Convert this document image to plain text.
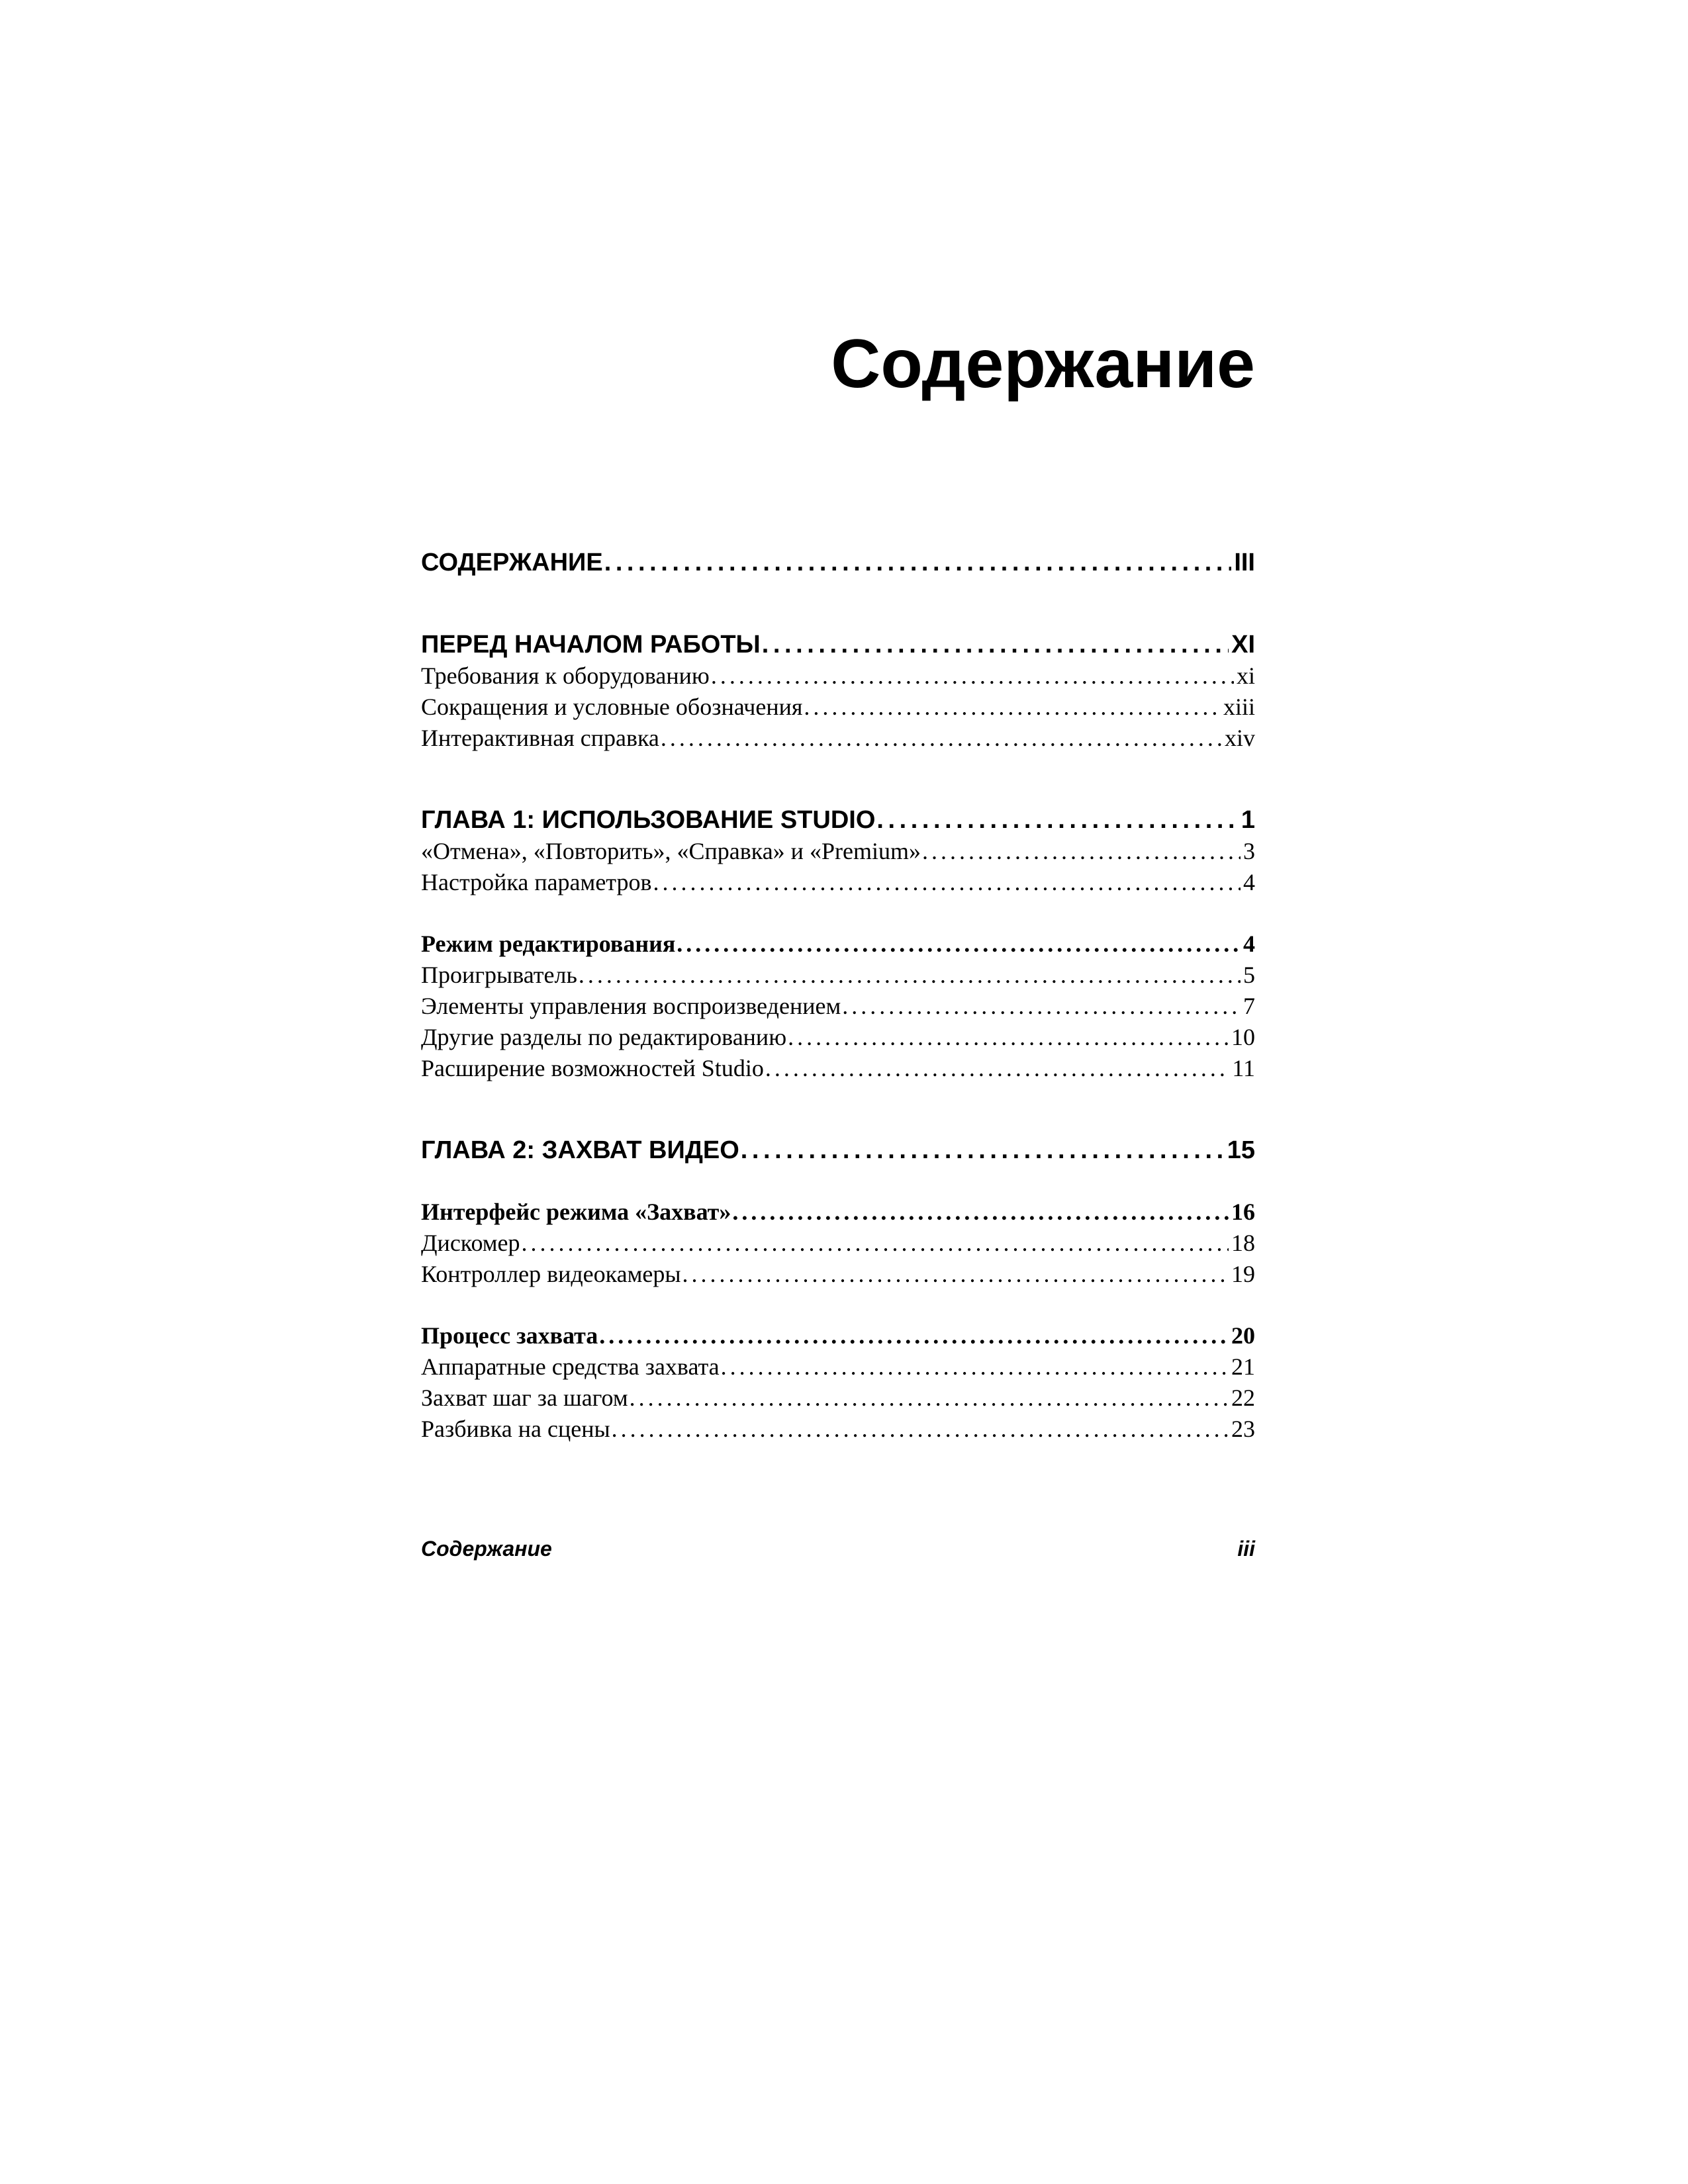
Содержание
СОДЕРЖАНИЕ . . .	III
ПЕРЕД НАЧАЛОМ РАБОТЫ . . .	XI
Требования к оборудованию . . .	xi
Сокращения и условные обозначения . . .	xiii
Интерактивная справка . . .	xiv
ГЛАВА 1: ИСПОЛЬЗОВАНИЕ STUDIO . . .	1
«Отмена», «Повторить», «Справка» и «Premium» . . .	3
Настройка параметров . . .	4
Режим редактирования . . .	4
Проигрыватель . . .	5
Элементы управления воспроизведением . . .	7
Другие разделы по редактированию . . .	10
Расширение возможностей Studio . . .	11
ГЛАВА 2: ЗАХВАТ ВИДЕО . . .	15
Интерфейс режима «Захват» . . .	16
Дискомер . . .	18
Контроллер видеокамеры . . .	19
Процесс захвата . . .	20
Аппаратные средства захвата . . .	21
Захват шаг за шагом . . .	22
Разбивка на сцены . . .	23
Содержание	iii
